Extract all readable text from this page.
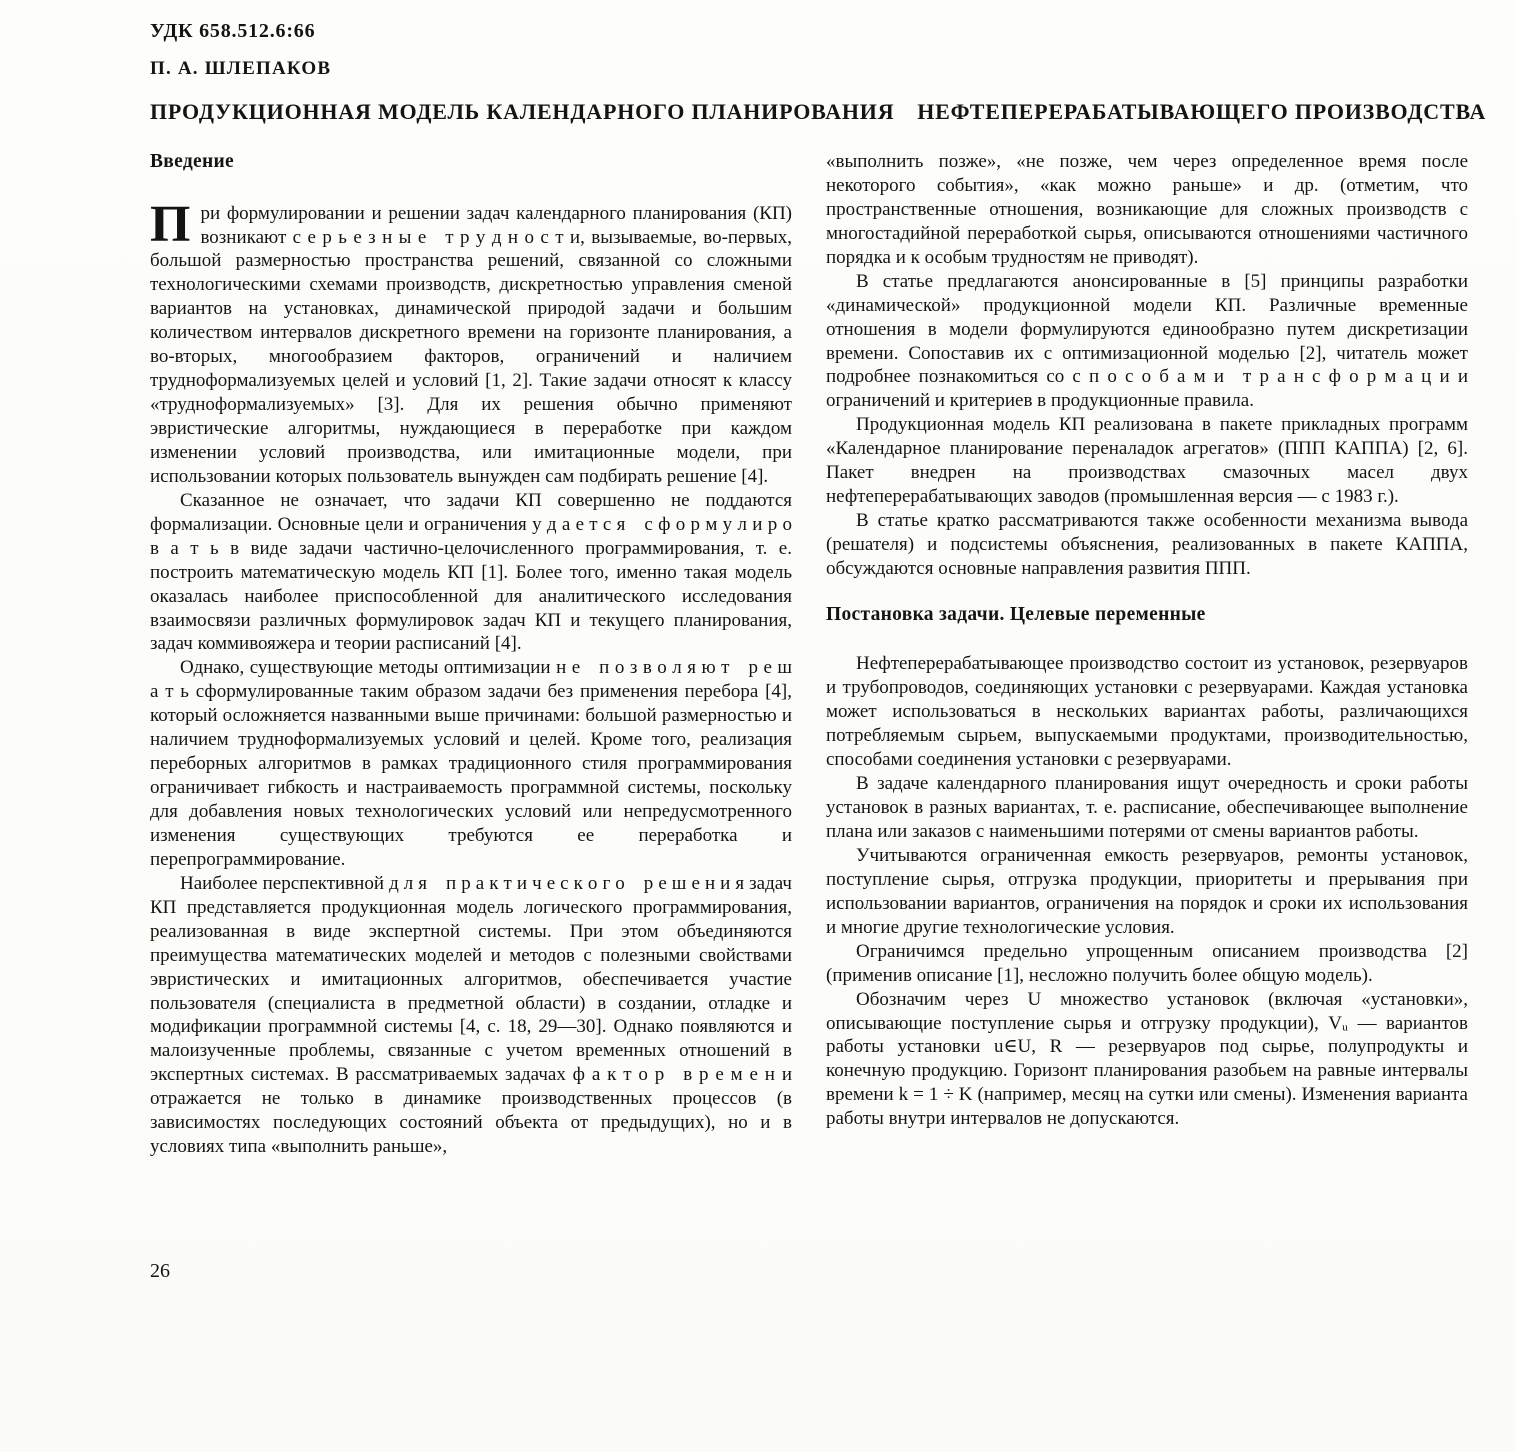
УДК 658.512.6:66
П. А. ШЛЕПАКОВ
ПРОДУКЦИОННАЯ МОДЕЛЬ КАЛЕНДАРНОГО ПЛАНИРОВАНИЯ НЕФТЕПЕРЕРАБАТЫВАЮЩЕГО ПРОИЗВОДСТВА
Введение

При формулировании и решении задач календарного планирования (КП) возникают с е р ь е з н ы е т р у д н о с т и, вызываемые, во-первых, большой размерностью пространства решений, связанной со сложными технологическими схемами производств, дискретностью управления сменой вариантов на установках, динамической природой задачи и большим количеством интервалов дискретного времени на горизонте планирования, а во-вторых, многообразием факторов, ограничений и наличием трудноформализуемых целей и условий [1, 2]. Такие задачи относят к классу «трудноформализуемых» [3]. Для их решения обычно применяют эвристические алгоритмы, нуждающиеся в переработке при каждом изменении условий производства, или имитационные модели, при использовании которых пользователь вынужден сам подбирать решение [4].

Сказанное не означает, что задачи КП совершенно не поддаются формализации. Основные цели и ограничения у д а е т с я с ф о р м у л и р о в а т ь в виде задачи частично-целочисленного программирования, т. е. построить математическую модель КП [1]. Более того, именно такая модель оказалась наиболее приспособленной для аналитического исследования взаимосвязи различных формулировок задач КП и текущего планирования, задач коммивояжера и теории расписаний [4].

Однако, существующие методы оптимизации н е п о з в о л я ю т р е ш а т ь сформулированные таким образом задачи без применения перебора [4], который осложняется названными выше причинами: большой размерностью и наличием трудноформализуемых условий и целей. Кроме того, реализация переборных алгоритмов в рамках традиционного стиля программирования ограничивает гибкость и настраиваемость программной системы, поскольку для добавления новых технологических условий или непредусмотренного изменения существующих требуются ее переработка и перепрограммирование.

Наиболее перспективной д л я п р а к т и ч е с к о г о р е ш е н и я задач КП представляется продукционная модель логического программирования, реализованная в виде экспертной системы. При этом объединяются преимущества математических моделей и методов с полезными свойствами эвристических и имитационных алгоритмов, обеспечивается участие пользователя (специалиста в предметной области) в создании, отладке и модификации программной системы [4, с. 18, 29—30]. Однако появляются и малоизученные проблемы, связанные с учетом временных отношений в экспертных системах. В рассматриваемых задачах ф а к т о р в р е м е н и отражается не только в динамике производственных процессов (в зависимостях последующих состояний объекта от предыдущих), но и в условиях типа «выполнить раньше»,

«выполнить позже», «не позже, чем через определенное время после некоторого события», «как можно раньше» и др. (отметим, что пространственные отношения, возникающие для сложных производств с многостадийной переработкой сырья, описываются отношениями частичного порядка и к особым трудностям не приводят).

В статье предлагаются анонсированные в [5] принципы разработки «динамической» продукционной модели КП. Различные временные отношения в модели формулируются единообразно путем дискретизации времени. Сопоставив их с оптимизационной моделью [2], читатель может подробнее познакомиться со с п о с о б а м и т р а н с ф о р м а ц и и ограничений и критериев в продукционные правила.

Продукционная модель КП реализована в пакете прикладных программ «Календарное планирование переналадок агрегатов» (ППП КАППА) [2, 6]. Пакет внедрен на производствах смазочных масел двух нефтеперерабатывающих заводов (промышленная версия — с 1983 г.).

В статье кратко рассматриваются также особенности механизма вывода (решателя) и подсистемы объяснения, реализованных в пакете КАППА, обсуждаются основные направления развития ППП.

Постановка задачи. Целевые переменные

Нефтеперерабатывающее производство состоит из установок, резервуаров и трубопроводов, соединяющих установки с резервуарами. Каждая установка может использоваться в нескольких вариантах работы, различающихся потребляемым сырьем, выпускаемыми продуктами, производительностью, способами соединения установки с резервуарами.

В задаче календарного планирования ищут очередность и сроки работы установок в разных вариантах, т. е. расписание, обеспечивающее выполнение плана или заказов с наименьшими потерями от смены вариантов работы.

Учитываются ограниченная емкость резервуаров, ремонты установок, поступление сырья, отгрузка продукции, приоритеты и прерывания при использовании вариантов, ограничения на порядок и сроки их использования и многие другие технологические условия.

Ограничимся предельно упрощенным описанием производства [2] (применив описание [1], несложно получить более общую модель).

Обозначим через U множество установок (включая «установки», описывающие поступление сырья и отгрузку продукции), Vᵤ — вариантов работы установки u∈U, R — резервуаров под сырье, полупродукты и конечную продукцию. Горизонт планирования разобьем на равные интервалы времени k = 1 ÷ K (например, месяц на сутки или смены). Изменения варианта работы внутри интервалов не допускаются.

26
